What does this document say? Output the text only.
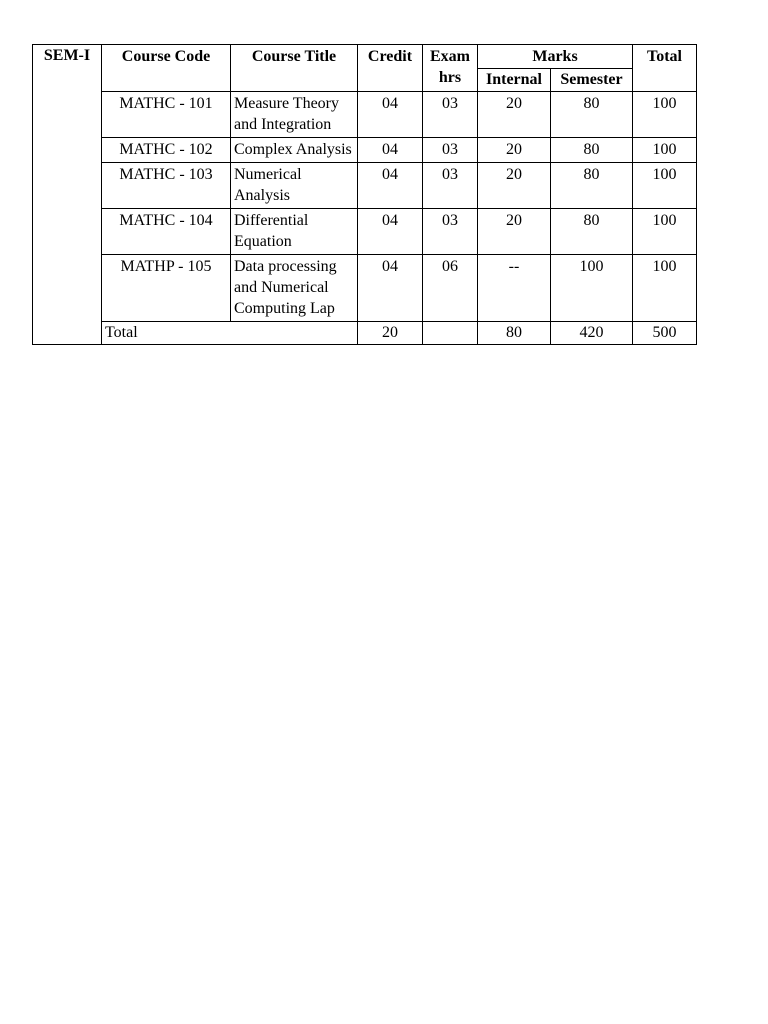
SEM-I	Course Code	Course Title	Credit	Exam hrs	Marks		Total
					Internal	Semester	
	MATHC - 101	Measure Theory and Integration	04	03	20	80	100
	MATHC - 102	Complex Analysis	04	03	20	80	100
	MATHC - 103	Numerical Analysis	04	03	20	80	100
	MATHC - 104	Differential Equation	04	03	20	80	100
	MATHP - 105	Data processing and Numerical Computing Lap	04	06	--	100	100
	Total		20		80	420	500
